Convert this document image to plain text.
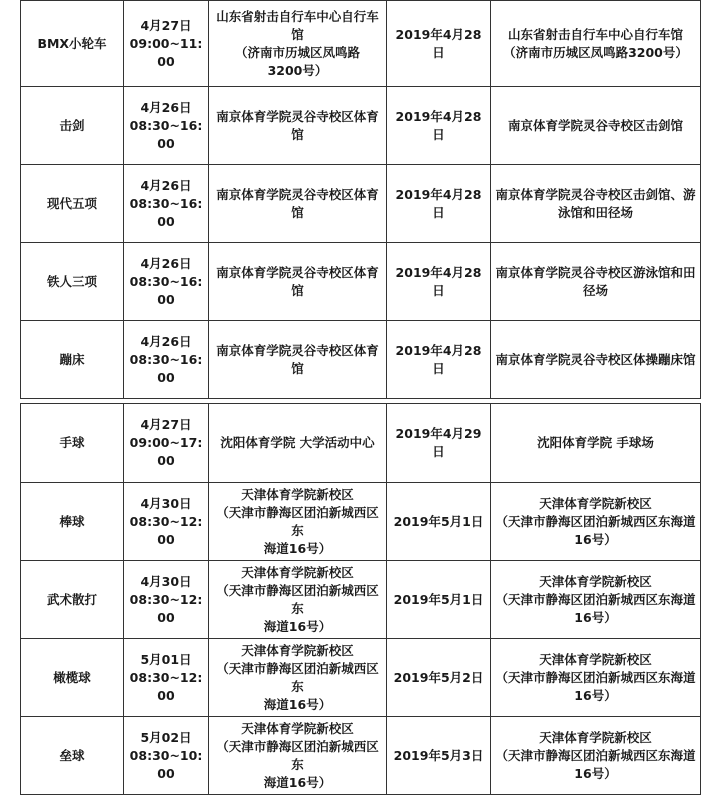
BMX小轮车	4月27日
09:00~11:00	山东省射击自行车中心自行车馆
（济南市历城区凤鸣路
3200号）	2019年4月28日	山东省射击自行车中心自行车馆
（济南市历城区凤鸣路3200号）

击剑	4月26日
08:30~16:00	南京体育学院灵谷寺校区体育馆	2019年4月28日	南京体育学院灵谷寺校区击剑馆

现代五项	4月26日
08:30~16:00	南京体育学院灵谷寺校区体育馆	2019年4月28日	南京体育学院灵谷寺校区击剑馆、游
泳馆和田径场

铁人三项	4月26日
08:30~16:00	南京体育学院灵谷寺校区体育馆	2019年4月28日	南京体育学院灵谷寺校区游泳馆和田
径场

蹦床	4月26日
08:30~16:00	南京体育学院灵谷寺校区体育馆	2019年4月28日	南京体育学院灵谷寺校区体操蹦床馆
手球	4月27日
09:00~17:00	沈阳体育学院 大学活动中心	2019年4月29日	沈阳体育学院 手球场

棒球	4月30日
08:30~12:00	天津体育学院新校区
（天津市静海区团泊新城西区东
海道16号）	2019年5月1日	天津体育学院新校区
（天津市静海区团泊新城西区东海道
16号）

武术散打	4月30日
08:30~12:00	天津体育学院新校区
（天津市静海区团泊新城西区东
海道16号）	2019年5月1日	天津体育学院新校区
（天津市静海区团泊新城西区东海道
16号）

橄榄球	5月01日
08:30~12:00	天津体育学院新校区
（天津市静海区团泊新城西区东
海道16号）	2019年5月2日	天津体育学院新校区
（天津市静海区团泊新城西区东海道
16号）

垒球	5月02日
08:30~10:00	天津体育学院新校区
（天津市静海区团泊新城西区东
海道16号）	2019年5月3日	天津体育学院新校区
（天津市静海区团泊新城西区东海道
16号）
